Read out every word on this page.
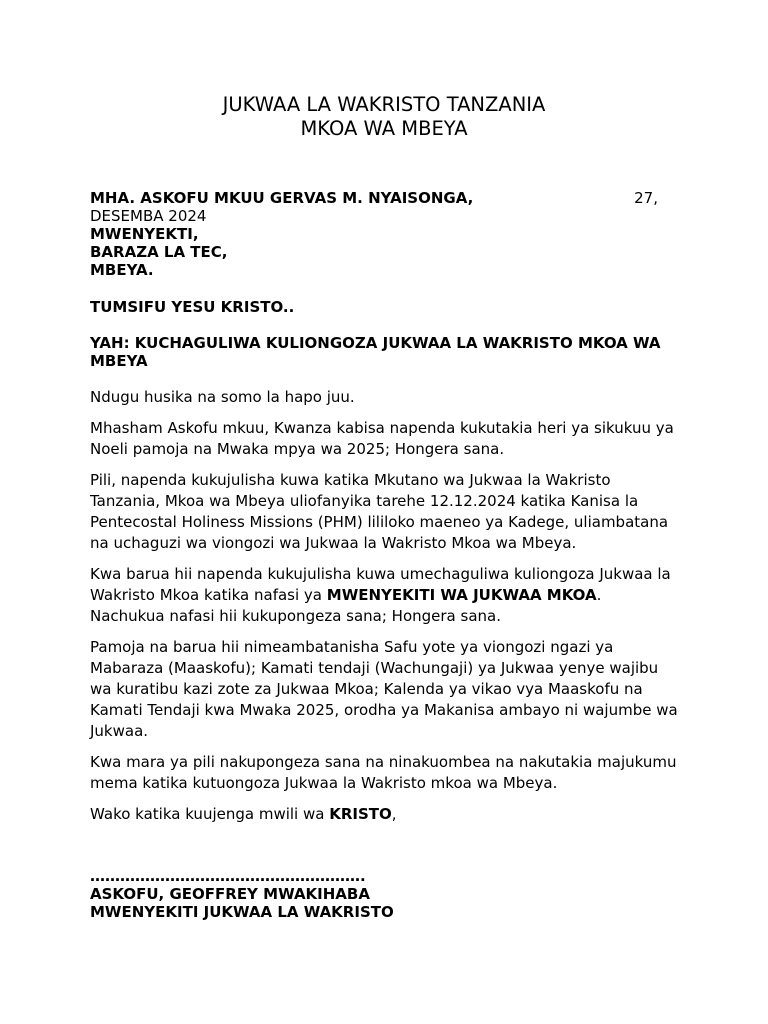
JUKWAA LA WAKRISTO TANZANIA
MKOA WA MBEYA
MHA. ASKOFU MKUU GERVAS M. NYAISONGA,	27,
DESEMBA 2024
MWENYEKTI,
BARAZA LA TEC,
MBEYA.
TUMSIFU YESU KRISTO..
YAH: KUCHAGULIWA KULIONGOZA JUKWAA LA WAKRISTO MKOA WA MBEYA

Ndugu husika na somo la hapo juu.

Mhasham Askofu mkuu, Kwanza kabisa napenda kukutakia heri ya sikukuu ya Noeli pamoja na Mwaka mpya wa 2025; Hongera sana.

Pili, napenda kukujulisha kuwa katika Mkutano wa Jukwaa la Wakristo Tanzania, Mkoa wa Mbeya uliofanyika tarehe 12.12.2024 katika Kanisa la Pentecostal Holiness Missions (PHM) lililoko maeneo ya Kadege, uliambatana na uchaguzi wa viongozi wa Jukwaa la Wakristo Mkoa wa Mbeya.

Kwa barua hii napenda kukujulisha kuwa umechaguliwa kuliongoza Jukwaa la Wakristo Mkoa katika nafasi ya MWENYEKITI WA JUKWAA MKOA. Nachukua nafasi hii kukupongeza sana; Hongera sana.

Pamoja na barua hii nimeambatanisha Safu yote ya viongozi ngazi ya Mabaraza (Maaskofu); Kamati tendaji (Wachungaji) ya Jukwaa yenye wajibu wa kuratibu kazi zote za Jukwaa Mkoa; Kalenda ya vikao vya Maaskofu na Kamati Tendaji kwa Mwaka 2025, orodha ya Makanisa ambayo ni wajumbe wa Jukwaa.

Kwa mara ya pili nakupongeza sana na ninakuombea na nakutakia majukumu mema katika kutuongoza Jukwaa la Wakristo mkoa wa Mbeya.

Wako katika kuujenga mwili wa KRISTO,

……………………………………………….
ASKOFU, GEOFFREY MWAKIHABA
MWENYEKITI JUKWAA LA WAKRISTO
